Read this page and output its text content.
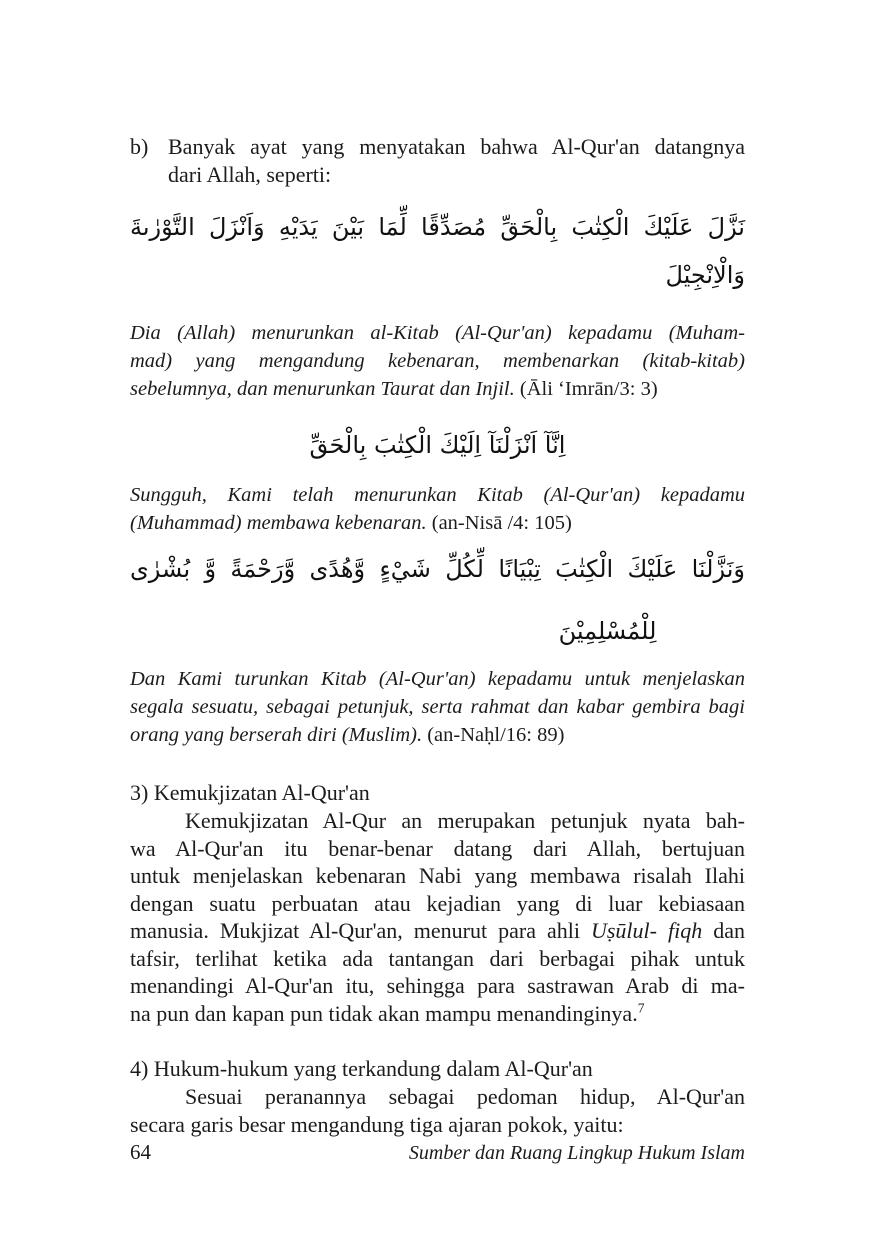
b) Banyak ayat yang menyatakan bahwa Al-Qur'an datangnya
dari Allah, seperti:
نَزَّلَ عَلَيْكَ الْكِتٰبَ بِالْحَقِّ مُصَدِّقًا لِّمَا بَيْنَ يَدَيْهِ وَاَنْزَلَ التَّوْرٰىةَ وَالْاِنْجِيْلَ
Dia (Allah) menurunkan al-Kitab (Al-Qur'an) kepadamu (Muham-
mad) yang mengandung kebenaran, membenarkan (kitab-kitab)
sebelumnya, dan menurunkan Taurat dan Injil. (Āli ʻImrān/3: 3)
اِنَّآ اَنْزَلْنَآ اِلَيْكَ الْكِتٰبَ بِالْحَقِّ
Sungguh, Kami telah menurunkan Kitab (Al-Qur'an) kepadamu
(Muhammad) membawa kebenaran. (an-Nisā /4: 105)
وَنَزَّلْنَا عَلَيْكَ الْكِتٰبَ تِبْيَانًا لِّكُلِّ شَيْءٍ وَّهُدًى وَّرَحْمَةً وَّ بُشْرٰى
لِلْمُسْلِمِيْنَ
Dan Kami turunkan Kitab (Al-Qur'an) kepadamu untuk menjelaskan
segala sesuatu, sebagai petunjuk, serta rahmat dan kabar gembira bagi
orang yang berserah diri (Muslim). (an-Naḥl/16: 89)
3) Kemukjizatan Al-Qur'an
Kemukjizatan Al-Qur an merupakan petunjuk nyata bah-
wa Al-Qur'an itu benar-benar datang dari Allah, bertujuan
untuk menjelaskan kebenaran Nabi yang membawa risalah Ilahi
dengan suatu perbuatan atau kejadian yang di luar kebiasaan
manusia. Mukjizat Al-Qur'an, menurut para ahli Uṣūlul- fiqh dan
tafsir, terlihat ketika ada tantangan dari berbagai pihak untuk
menandingi Al-Qur'an itu, sehingga para sastrawan Arab di ma-
na pun dan kapan pun tidak akan mampu menandinginya.$^7$
4) Hukum-hukum yang terkandung dalam Al-Qur'an
Sesuai peranannya sebagai pedoman hidup, Al-Qur'an
secara garis besar mengandung tiga ajaran pokok, yaitu:
64	Sumber dan Ruang Lingkup Hukum Islam
